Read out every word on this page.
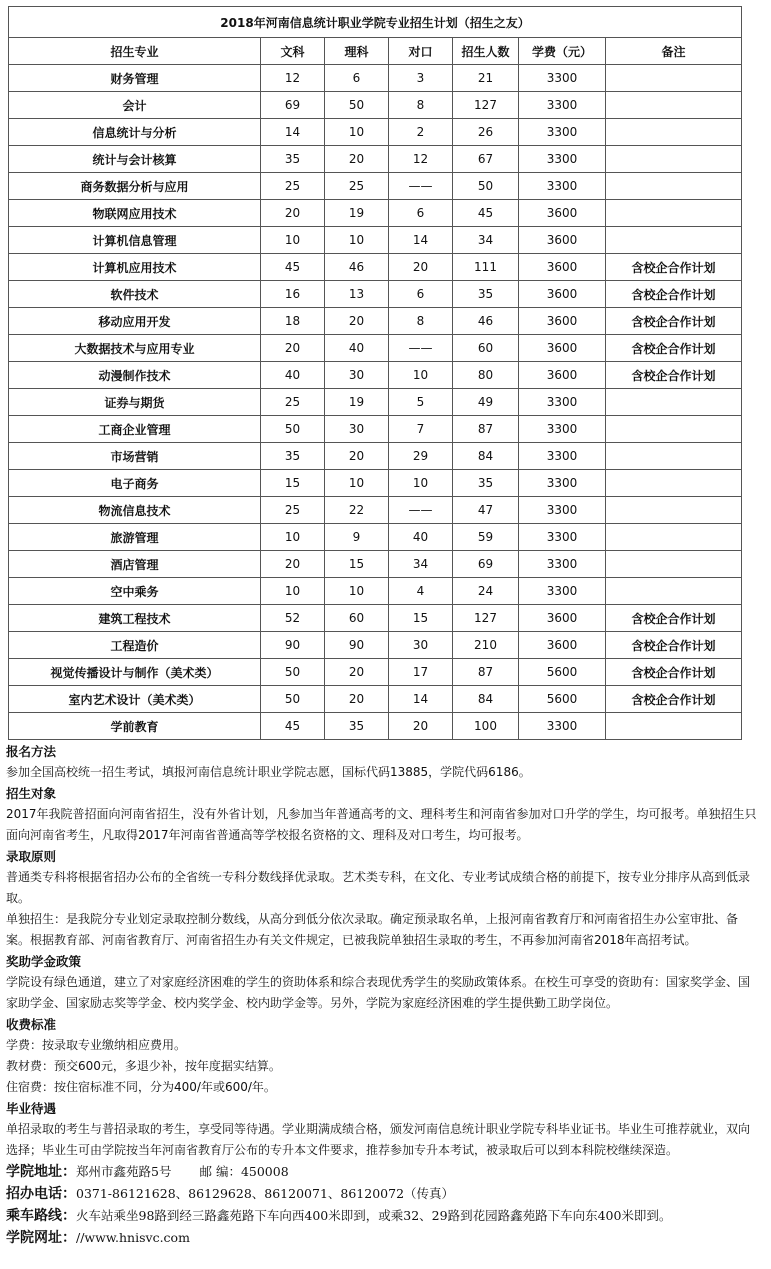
2018年河南信息统计职业学院专业招生计划（招生之友）						
招生专业	文科	理科	对口	招生人数	学费（元）	备注
财务管理	12	6	3	21	3300	
会计	69	50	8	127	3300	
信息统计与分析	14	10	2	26	3300	
统计与会计核算	35	20	12	67	3300	
商务数据分析与应用	25	25	——	50	3300	
物联网应用技术	20	19	6	45	3600	
计算机信息管理	10	10	14	34	3600	
计算机应用技术	45	46	20	111	3600	含校企合作计划
软件技术	16	13	6	35	3600	含校企合作计划
移动应用开发	18	20	8	46	3600	含校企合作计划
大数据技术与应用专业	20	40	——	60	3600	含校企合作计划
动漫制作技术	40	30	10	80	3600	含校企合作计划
证券与期货	25	19	5	49	3300	
工商企业管理	50	30	7	87	3300	
市场营销	35	20	29	84	3300	
电子商务	15	10	10	35	3300	
物流信息技术	25	22	——	47	3300	
旅游管理	10	9	40	59	3300	
酒店管理	20	15	34	69	3300	
空中乘务	10	10	4	24	3300	
建筑工程技术	52	60	15	127	3600	含校企合作计划
工程造价	90	90	30	210	3600	含校企合作计划
视觉传播设计与制作（美术类）	50	20	17	87	5600	含校企合作计划
室内艺术设计（美术类）	50	20	14	84	5600	含校企合作计划
学前教育	45	35	20	100	3300	
报名方法

参加全国高校统一招生考试，填报河南信息统计职业学院志愿，国标代码13885，学院代码6186。

招生对象

2017年我院普招面向河南省招生，没有外省计划，凡参加当年普通高考的文、理科考生和河南省参加对口升学的学生，均可报考。单独招生只面向河南省考生，凡取得2017年河南省普通高等学校报名资格的文、理科及对口考生，均可报考。

录取原则

普通类专科将根据省招办公布的全省统一专科分数线择优录取。艺术类专科，在文化、专业考试成绩合格的前提下，按专业分排序从高到低录取。

单独招生：是我院分专业划定录取控制分数线，从高分到低分依次录取。确定预录取名单，上报河南省教育厅和河南省招生办公室审批、备案。根据教育部、河南省教育厅、河南省招生办有关文件规定，已被我院单独招生录取的考生，不再参加河南省2018年高招考试。

奖助学金政策

学院设有绿色通道，建立了对家庭经济困难的学生的资助体系和综合表现优秀学生的奖励政策体系。在校生可享受的资助有：国家奖学金、国家助学金、国家励志奖等学金、校内奖学金、校内助学金等。另外，学院为家庭经济困难的学生提供勤工助学岗位。

收费标准

学费：按录取专业缴纳相应费用。

教材费：预交600元，多退少补，按年度据实结算。

住宿费：按住宿标准不同，分为400/年或600/年。

毕业待遇

单招录取的考生与普招录取的考生，享受同等待遇。学业期满成绩合格，颁发河南信息统计职业学院专科毕业证书。毕业生可推荐就业，双向选择；毕业生可由学院按当年河南省教育厅公布的专升本文件要求，推荐参加专升本考试，被录取后可以到本科院校继续深造。

学院地址：郑州市鑫苑路5号 邮 编：450008
招办电话：0371-86121628、86129628、86120071、86120072（传真）
乘车路线：火车站乘坐98路到经三路鑫苑路下车向西400米即到，或乘32、29路到花园路鑫苑路下车向东400米即到。
学院网址：//www.hnisvc.com
